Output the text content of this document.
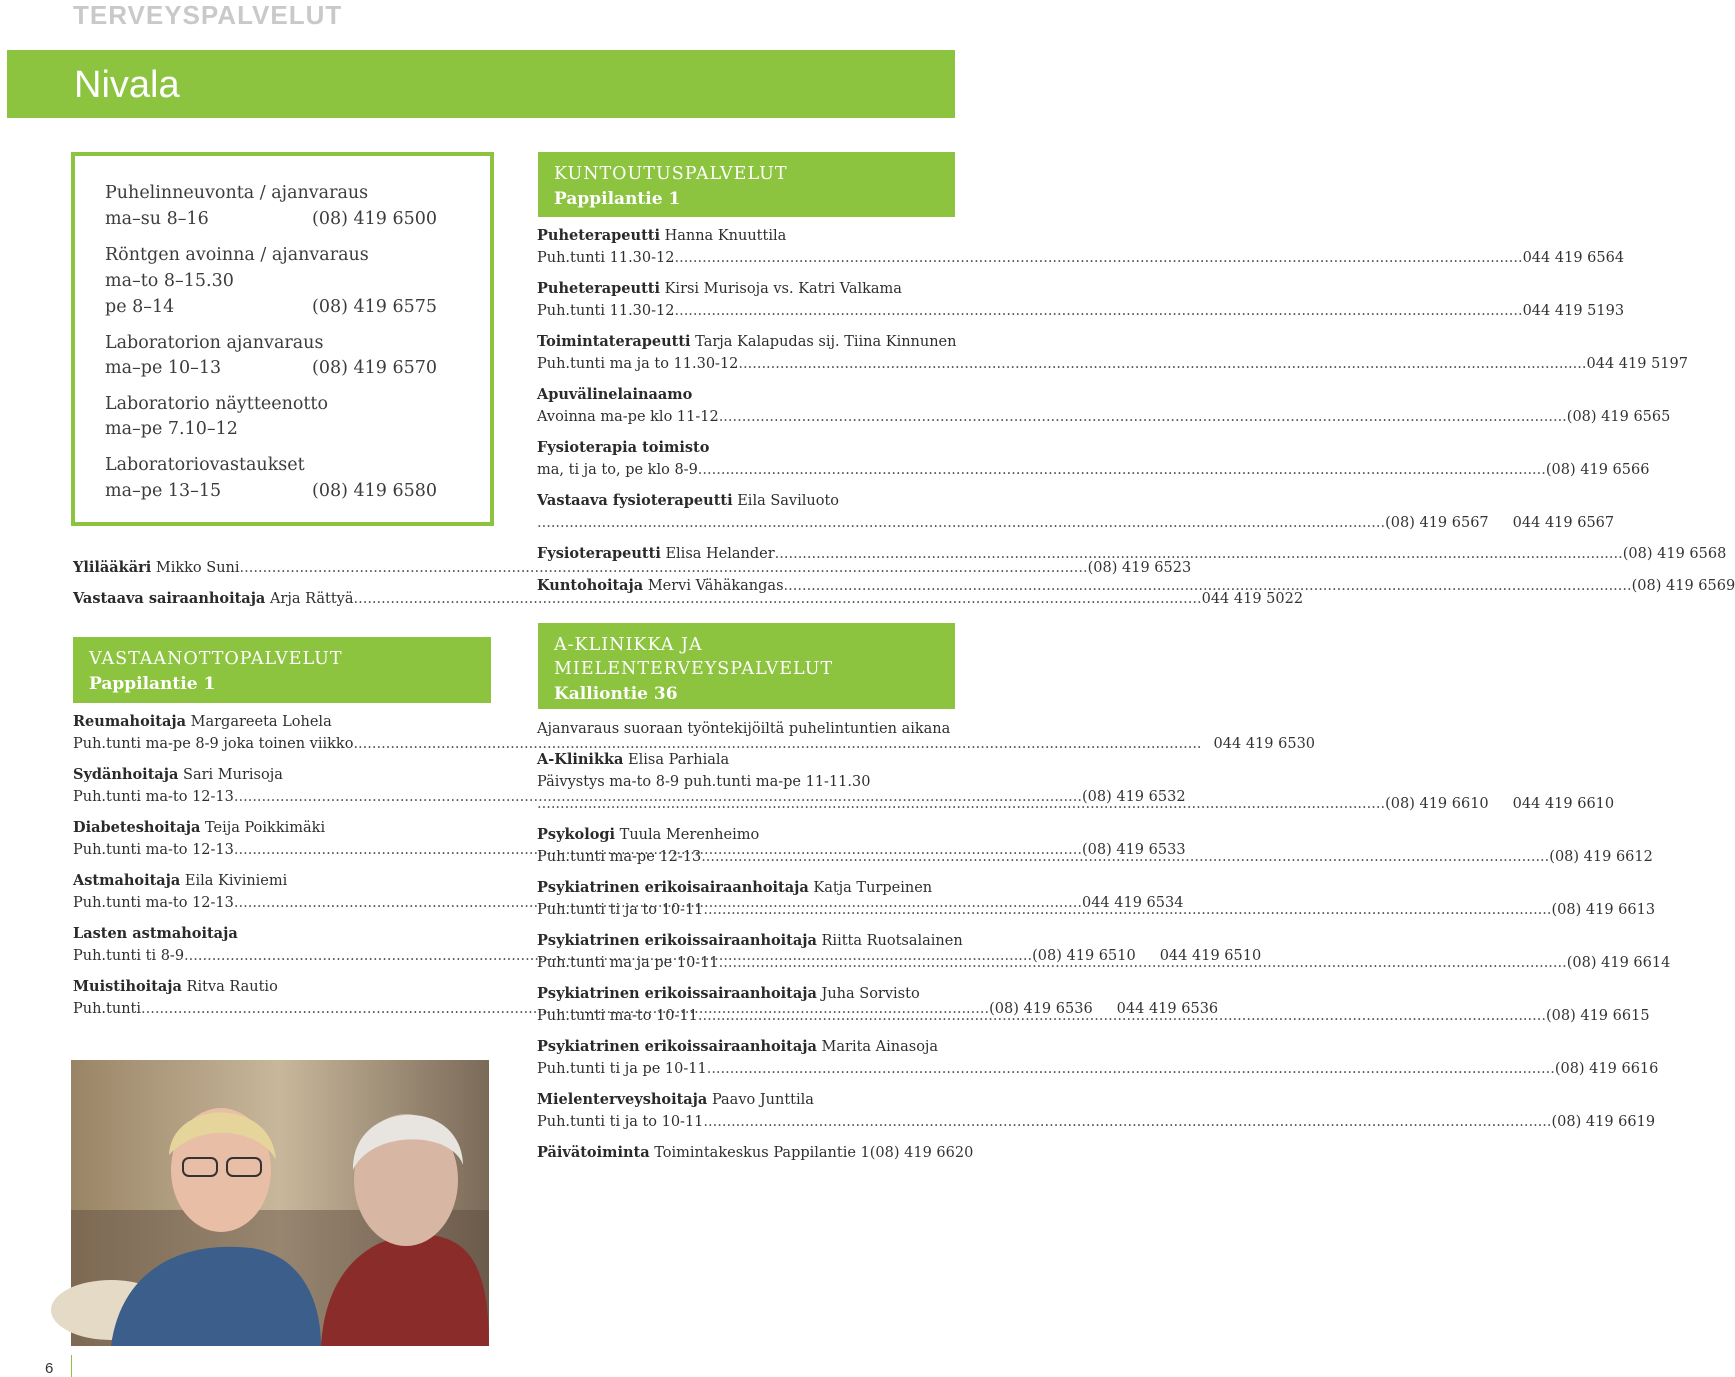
TERVEYSPALVELUT
Nivala
Puhelinneuvonta / ajanvaraus
ma–su 8–16	(08) 419 6500
Röntgen avoinna / ajanvaraus
ma–to 8–15.30
pe 8–14	(08) 419 6575
Laboratorion ajanvaraus
ma–pe 10–13	(08) 419 6570
Laboratorio näytteenotto
ma–pe 7.10–12
Laboratoriovastaukset
ma–pe 13–15	(08) 419 6580
Ylilääkäri
Mikko Suni .....	(08) 419 6523
Vastaava sairaanhoitaja
Arja Rättyä .....	044 419 5022
VASTAANOTTOPALVELUT
Pappilantie 1
Reumahoitaja
Margareeta Lohela
Puh.tunti ma-pe 8-9 joka toinen viikko .....	044 419 6530
Sydänhoitaja
Sari Murisoja
Puh.tunti ma-to 12-13 .....	(08) 419 6532
Diabeteshoitaja
Teija Poikkimäki
Puh.tunti ma-to 12-13 .....	(08) 419 6533
Astmahoitaja
Eila Kiviniemi
Puh.tunti ma-to 12-13 .....	044 419 6534
Lasten astmahoitaja
Puh.tunti ti 8-9 .....	(08) 419 6510 044 419 6510
Muistihoitaja
Ritva Rautio
Puh.tunti .....	(08) 419 6536 044 419 6536
KUNTOUTUSPALVELUT
Pappilantie 1
Puheterapeutti
Hanna Knuuttila
Puh.tunti 11.30-12 .....	044 419 6564
Puheterapeutti
Kirsi Murisoja vs. Katri Valkama
Puh.tunti 11.30-12 .....	044 419 5193
Toimintaterapeutti
Tarja Kalapudas sij. Tiina Kinnunen
Puh.tunti ma ja to 11.30-12 .....	044 419 5197
Apuvälinelainaamo
Avoinna ma-pe klo 11-12 .....	(08) 419 6565
Fysioterapia toimisto
ma, ti ja to, pe klo 8-9 .....	(08) 419 6566
Vastaava fysioterapeutti
Eila Saviluoto
.....
(08) 419 6567 044 419 6567
Fysioterapeutti
Elisa Helander .....	(08) 419 6568
Kuntohoitaja
Mervi Vähäkangas .....	(08) 419 6569
A-KLINIKKA JA
MIELENTERVEYSPALVELUT
Kalliontie 36
Ajanvaraus suoraan työntekijöiltä puhelintuntien aikana
A-Klinikka
Elisa Parhiala
Päivystys ma-to 8-9 puh.tunti ma-pe 11-11.30
.....
(08) 419 6610 044 419 6610
Psykologi
Tuula Merenheimo
Puh.tunti ma-pe 12-13 .....	(08) 419 6612
Psykiatrinen erikoisairaanhoitaja
Katja Turpeinen
Puh.tunti ti ja to 10-11 .....	(08) 419 6613
Psykiatrinen erikoissairaanhoitaja
Riitta Ruotsalainen
Puh.tunti ma ja pe 10-11 .....	(08) 419 6614
Psykiatrinen erikoissairaanhoitaja
Juha Sorvisto
Puh.tunti ma-to 10-11 .....	(08) 419 6615
Psykiatrinen erikoissairaanhoitaja
Marita Ainasoja
Puh.tunti ti ja pe 10-11 .....	(08) 419 6616
Mielenterveyshoitaja
Paavo Junttila
Puh.tunti ti ja to 10-11 .....	(08) 419 6619
Päivätoiminta
Toimintakeskus Pappilantie 1 (08) 419 6620
6
